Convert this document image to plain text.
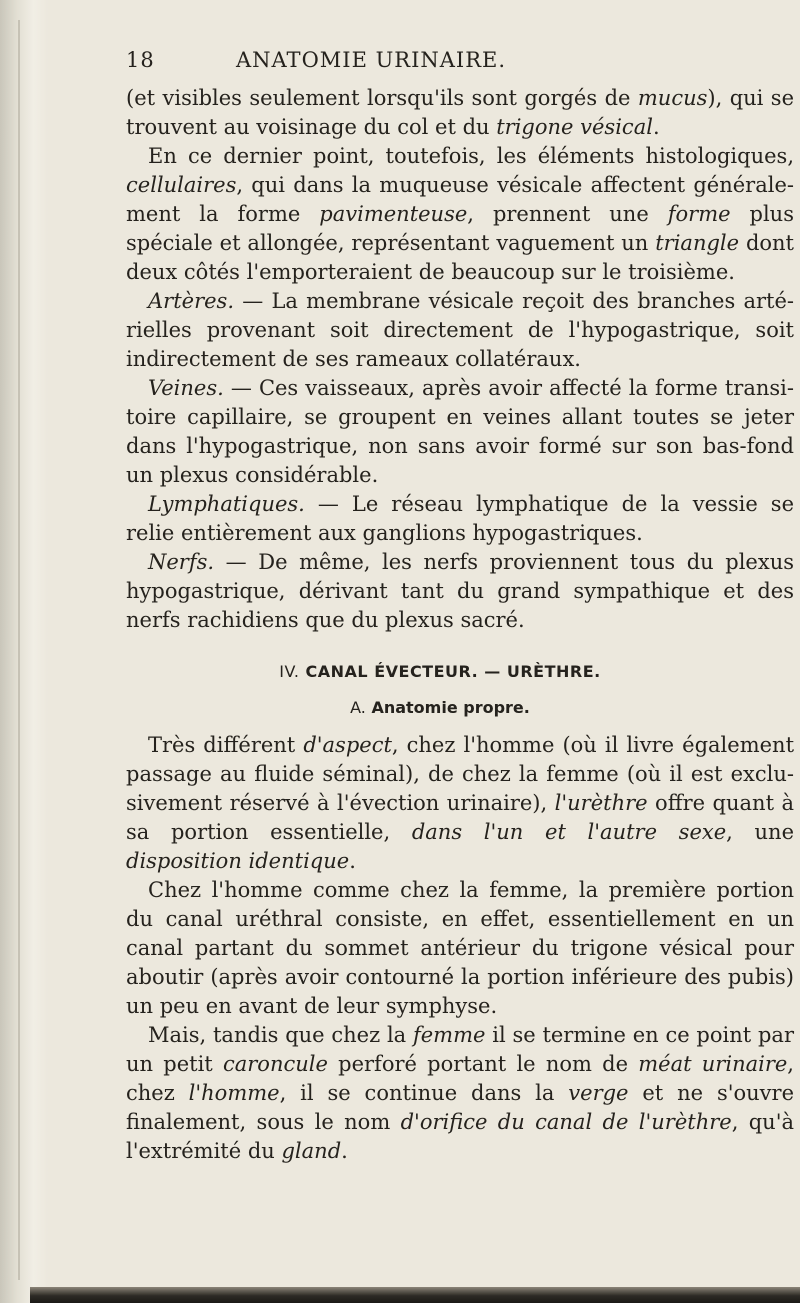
18	ANATOMIE URINAIRE.

(et visibles seulement lorsqu'ils sont gorgés de mucus), qui se trouvent au voisinage du col et du trigone vésical.

En ce dernier point, toutefois, les éléments histologiques, cellulaires, qui dans la muqueuse vésicale affectent généralement la forme pavimenteuse, prennent une forme plus spéciale et allongée, représentant vaguement un triangle dont deux côtés l'emporteraient de beaucoup sur le troisième.

Artères. — La membrane vésicale reçoit des branches artérielles provenant soit directement de l'hypogastrique, soit indirectement de ses rameaux collatéraux.

Veines. — Ces vaisseaux, après avoir affecté la forme transitoire capillaire, se groupent en veines allant toutes se jeter dans l'hypogastrique, non sans avoir formé sur son bas-fond un plexus considérable.

Lymphatiques. — Le réseau lymphatique de la vessie se relie entièrement aux ganglions hypogastriques.

Nerfs. — De même, les nerfs proviennent tous du plexus hypogastrique, dérivant tant du grand sympathique et des nerfs rachidiens que du plexus sacré.

IV. CANAL ÉVECTEUR. — URÈTHRE.
A. Anatomie propre.

Très différent d'aspect, chez l'homme (où il livre également passage au fluide séminal), de chez la femme (où il est exclusivement réservé à l'évection urinaire), l'urèthre offre quant à sa portion essentielle, dans l'un et l'autre sexe, une disposition identique.

Chez l'homme comme chez la femme, la première portion du canal uréthral consiste, en effet, essentiellement en un canal partant du sommet antérieur du trigone vésical pour aboutir (après avoir contourné la portion inférieure des pubis) un peu en avant de leur symphyse.

Mais, tandis que chez la femme il se termine en ce point par un petit caroncule perforé portant le nom de méat urinaire, chez l'homme, il se continue dans la verge et ne s'ouvre finalement, sous le nom d'orifice du canal de l'urèthre, qu'à l'extrémité du gland.
